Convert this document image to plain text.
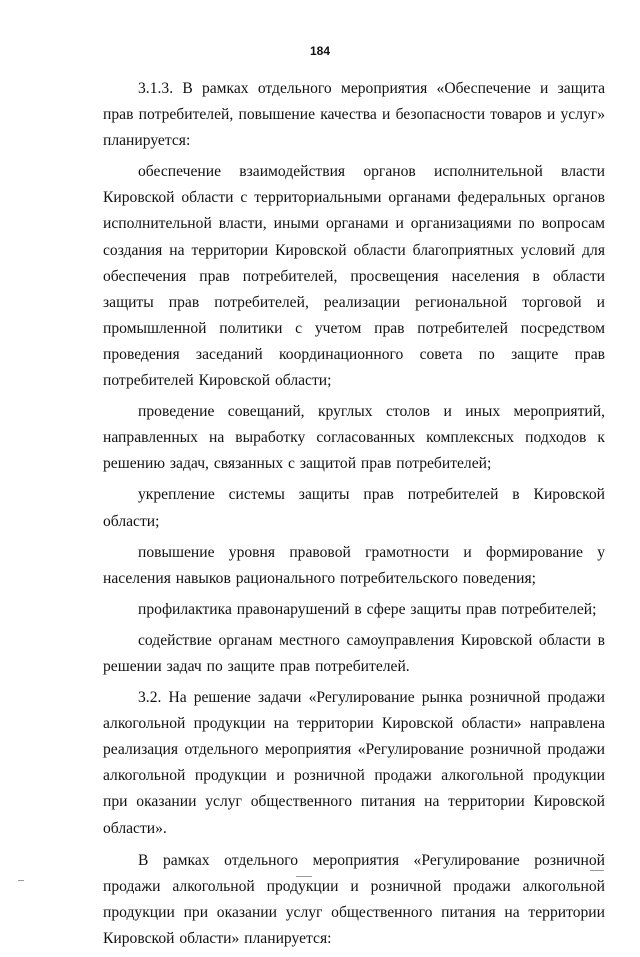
184

3.1.3. В рамках отдельного мероприятия «Обеспечение и защита прав потребителей, повышение качества и безопасности товаров и услуг» планируется:

обеспечение взаимодействия органов исполнительной власти Кировской области с территориальными органами федеральных органов исполнительной власти, иными органами и организациями по вопросам создания на территории Кировской области благоприятных условий для обеспечения прав потребителей, просвещения населения в области защиты прав потребителей, реализации региональной торговой и промышленной политики с учетом прав потребителей посредством проведения заседаний координационного совета по защите прав потребителей Кировской области;

проведение совещаний, круглых столов и иных мероприятий, направленных на выработку согласованных комплексных подходов к решению задач, связанных с защитой прав потребителей;

укрепление системы защиты прав потребителей в Кировской области;

повышение уровня правовой грамотности и формирование у населения навыков рационального потребительского поведения;

профилактика правонарушений в сфере защиты прав потребителей;

содействие органам местного самоуправления Кировской области в решении задач по защите прав потребителей.

3.2. На решение задачи «Регулирование рынка розничной продажи алкогольной продукции на территории Кировской области» направлена реализация отдельного мероприятия «Регулирование розничной продажи алкогольной продукции и розничной продажи алкогольной продукции при оказании услуг общественного питания на территории Кировской области».

В рамках отдельного мероприятия «Регулирование розничной продажи алкогольной продукции и розничной продажи алкогольной продукции при оказании услуг общественного питания на территории Кировской области» планируется:
